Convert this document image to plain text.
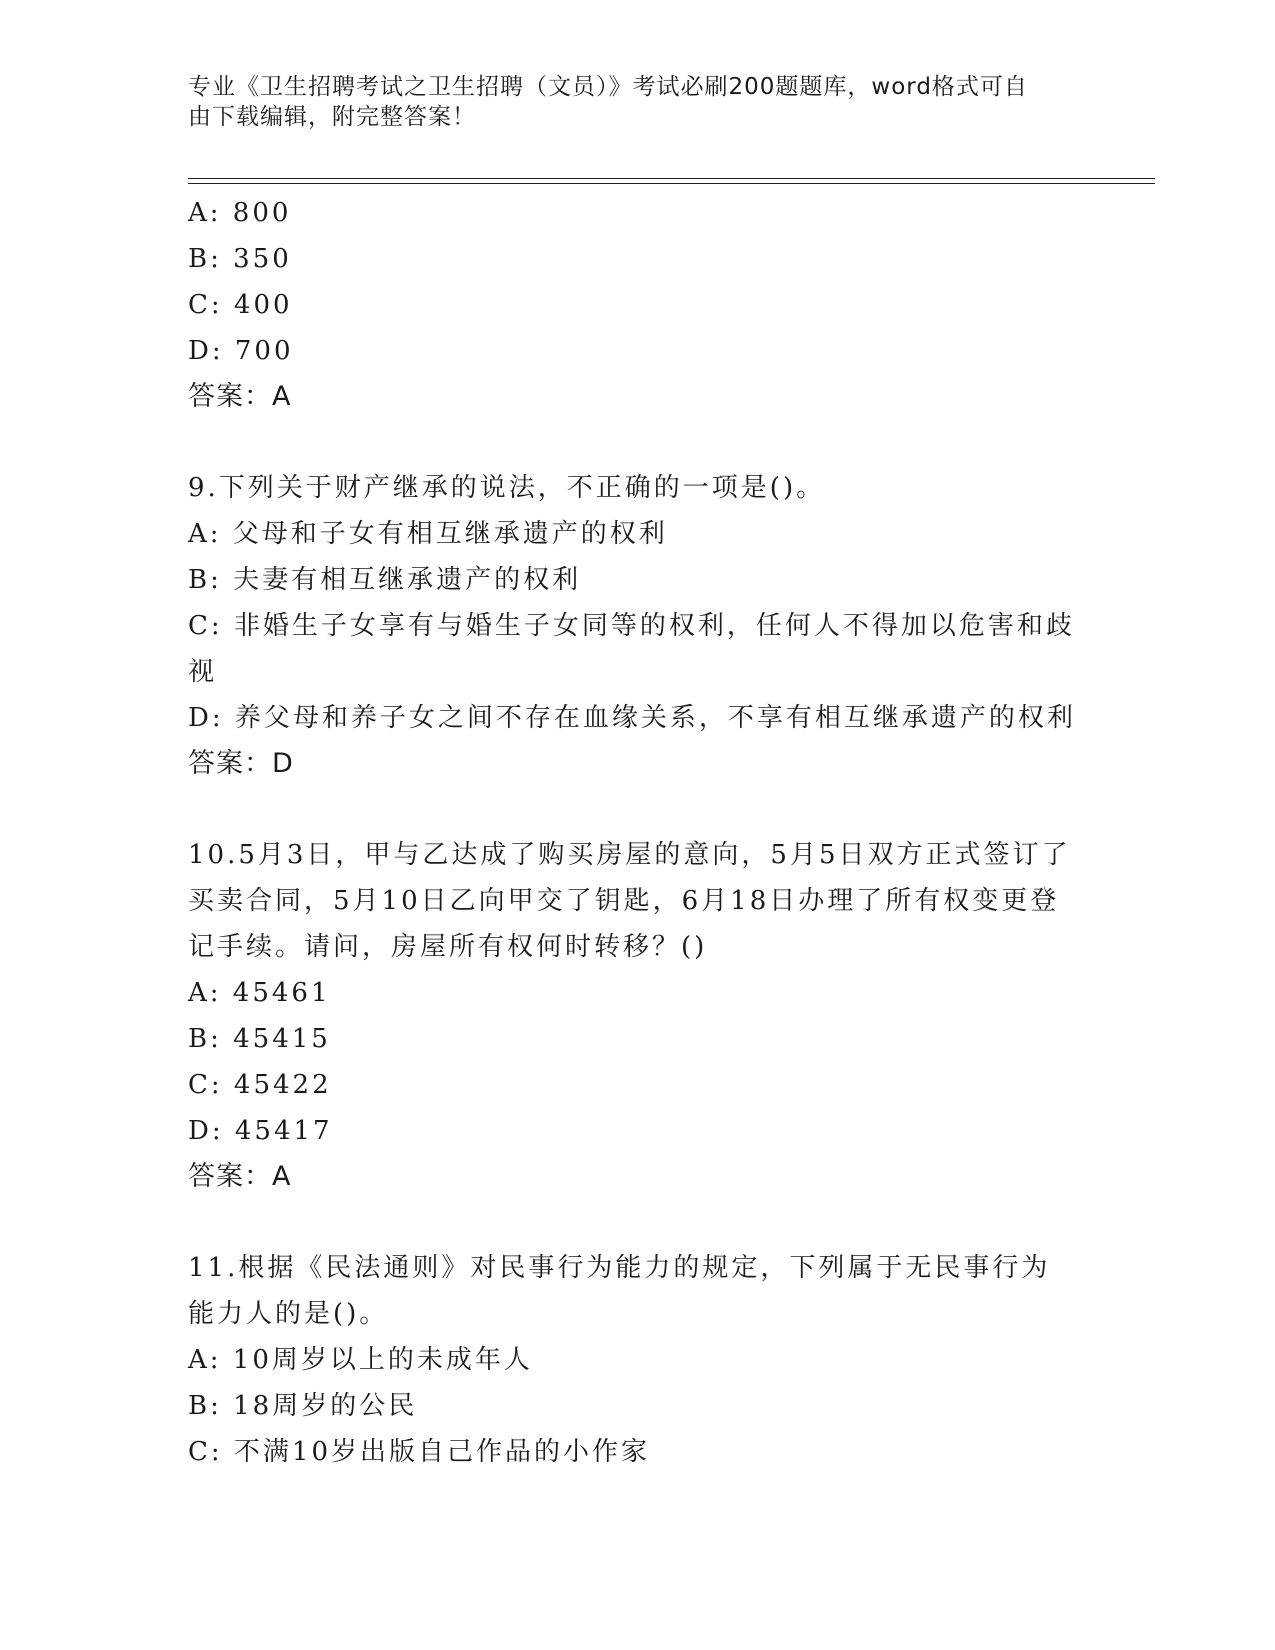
专业《卫生招聘考试之卫生招聘（文员）》考试必刷200题题库，word格式可自
由下载编辑，附完整答案！

A: 800

B: 350

C: 400

D: 700

答案：A

9.下列关于财产继承的说法，不正确的一项是()。

A: 父母和子女有相互继承遗产的权利

B: 夫妻有相互继承遗产的权利

C: 非婚生子女享有与婚生子女同等的权利，任何人不得加以危害和歧视

D: 养父母和养子女之间不存在血缘关系，不享有相互继承遗产的权利

答案：D

10.5月3日，甲与乙达成了购买房屋的意向，5月5日双方正式签订了买卖合同，5月10日乙向甲交了钥匙，6月18日办理了所有权变更登记手续。请问，房屋所有权何时转移？()

A: 45461

B: 45415

C: 45422

D: 45417

答案：A

11.根据《民法通则》对民事行为能力的规定，下列属于无民事行为能力人的是()。

A: 10周岁以上的未成年人

B: 18周岁的公民

C: 不满10岁出版自己作品的小作家
